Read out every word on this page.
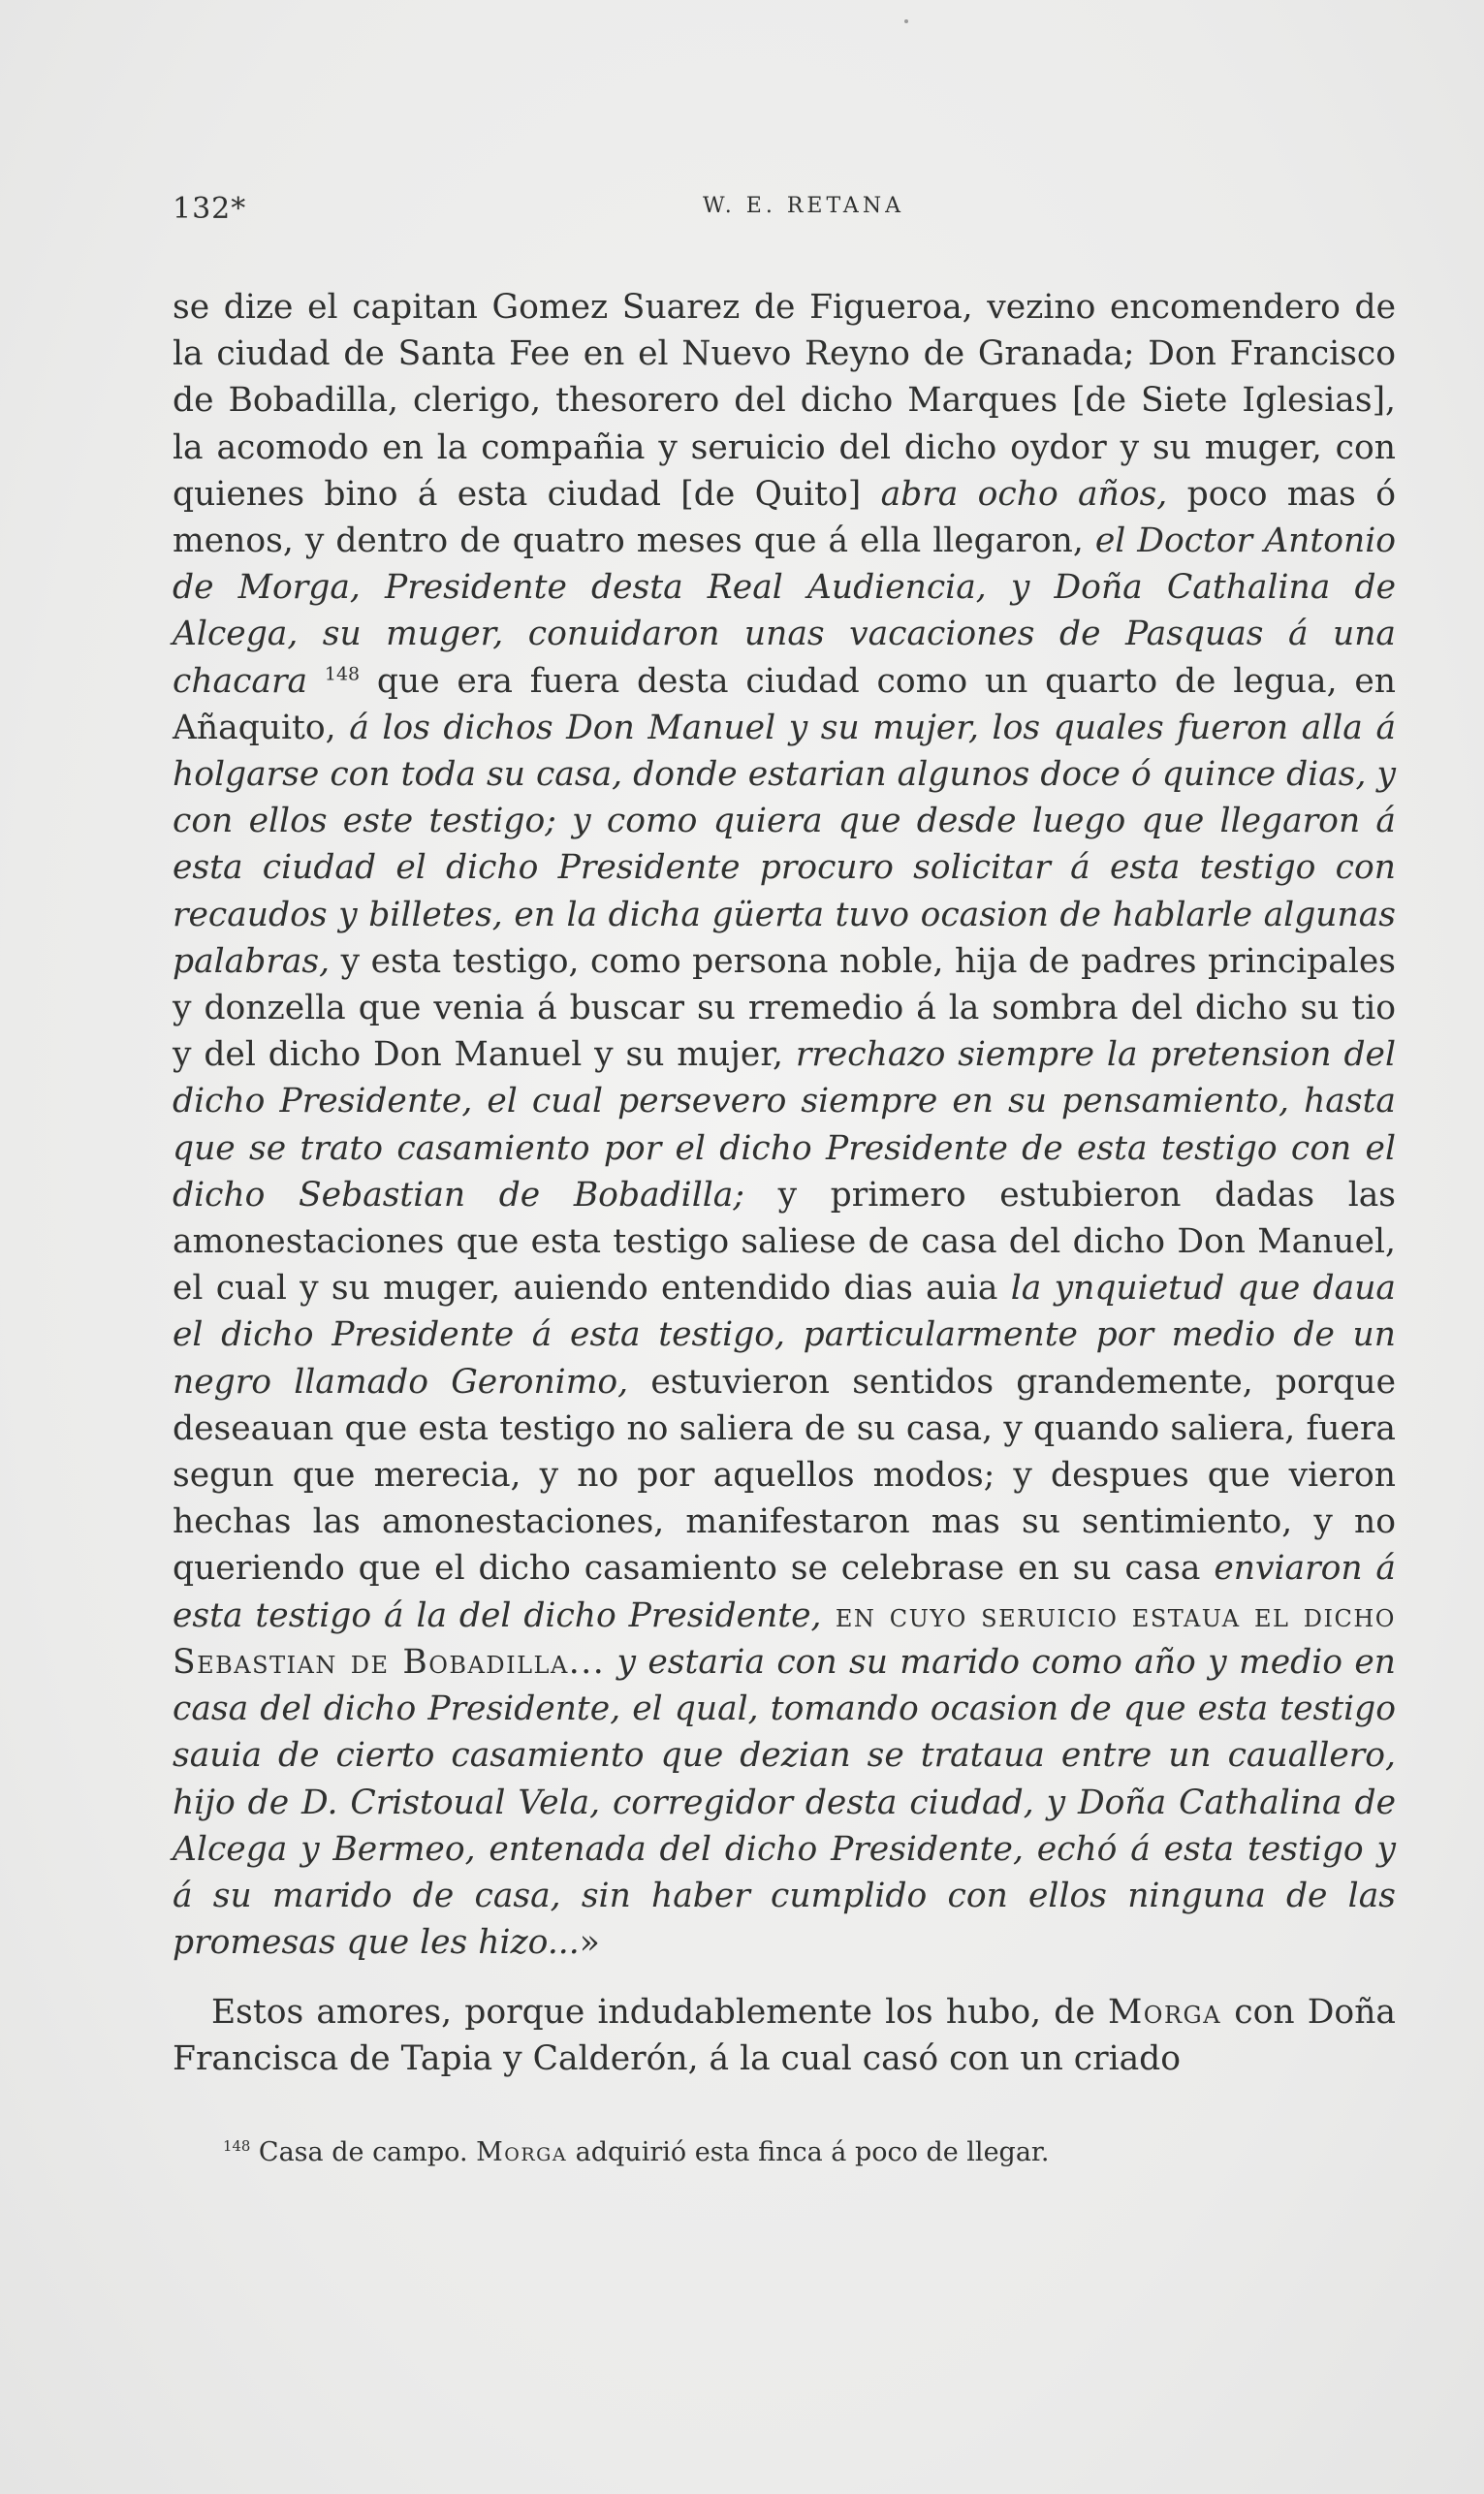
132*	W. E. RETANA

se dize el capitan Gomez Suarez de Figueroa, vezino encomendero de la ciudad de Santa Fee en el Nuevo Reyno de Granada; Don Francisco de Bobadilla, clerigo, thesorero del dicho Marques [de Siete Iglesias], la acomodo en la compañia y seruicio del dicho oydor y su muger, con quienes bino á esta ciudad [de Quito] abra ocho años, poco mas ó menos, y dentro de quatro meses que á ella llegaron, el Doctor Antonio de Morga, Presidente desta Real Audiencia, y Doña Cathalina de Alcega, su muger, conuidaron unas vacaciones de Pasquas á una chacara $^{148}$ que era fuera desta ciudad como un quarto de legua, en Añaquito, á los dichos Don Manuel y su mujer, los quales fueron alla á holgarse con toda su casa, donde estarian algunos doce ó quince dias, y con ellos este testigo; y como quiera que desde luego que llegaron á esta ciudad el dicho Presidente procuro solicitar á esta testigo con recaudos y billetes, en la dicha güerta tuvo ocasion de hablarle algunas palabras, y esta testigo, como persona noble, hija de padres principales y donzella que venia á buscar su rremedio á la sombra del dicho su tio y del dicho Don Manuel y su mujer, rrechazo siempre la pretension del dicho Presidente, el cual persevero siempre en su pensamiento, hasta que se trato casamiento por el dicho Presidente de esta testigo con el dicho Sebastian de Bobadilla; y primero estubieron dadas las amonestaciones que esta testigo saliese de casa del dicho Don Manuel, el cual y su muger, auiendo entendido dias auia la ynquietud que daua el dicho Presidente á esta testigo, particularmente por medio de un negro llamado Geronimo, estuvieron sentidos grandemente, porque deseauan que esta testigo no saliera de su casa, y quando saliera, fuera segun que merecia, y no por aquellos modos; y despues que vieron hechas las amonestaciones, manifestaron mas su sentimiento, y no queriendo que el dicho casamiento se celebrase en su casa enviaron á esta testigo á la del dicho Presidente, en cuyo seruicio estaua el dicho Sebastian de Bobadilla... y estaria con su marido como año y medio en casa del dicho Presidente, el qual, tomando ocasion de que esta testigo sauia de cierto casamiento que dezian se trataua entre un cauallero, hijo de D. Cristoual Vela, corregidor desta ciudad, y Doña Cathalina de Alcega y Bermeo, entenada del dicho Presidente, echó á esta testigo y á su marido de casa, sin haber cumplido con ellos ninguna de las promesas que les hizo...»

Estos amores, porque indudablemente los hubo, de Morga con Doña Francisca de Tapia y Calderón, á la cual casó con un criado

$^{148}$ Casa de campo. Morga adquirió esta finca á poco de llegar.
